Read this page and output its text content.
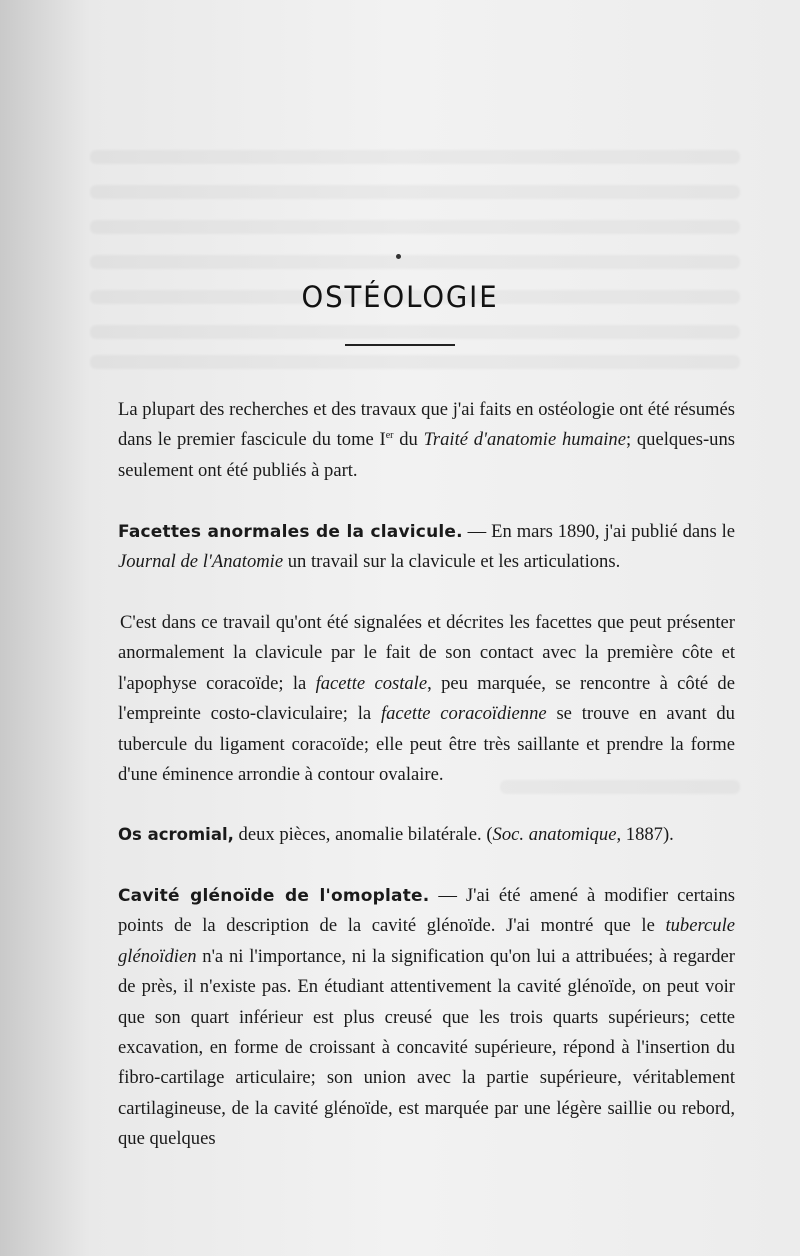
OSTÉOLOGIE

La plupart des recherches et des travaux que j'ai faits en ostéologie ont été résumés dans le premier fascicule du tome Ier du Traité d'anatomie humaine; quelques-uns seulement ont été publiés à part.

Facettes anormales de la clavicule. — En mars 1890, j'ai publié dans le Journal de l'Anatomie un travail sur la clavicule et les articulations.

C'est dans ce travail qu'ont été signalées et décrites les facettes que peut présenter anormalement la clavicule par le fait de son contact avec la première côte et l'apophyse coracoïde; la facette costale, peu marquée, se rencontre à côté de l'empreinte costo-claviculaire; la facette coracoïdienne se trouve en avant du tubercule du ligament coracoïde; elle peut être très saillante et prendre la forme d'une éminence arrondie à contour ovalaire.

Os acromial, deux pièces, anomalie bilatérale. (Soc. anatomique, 1887).

Cavité glénoïde de l'omoplate. — J'ai été amené à modifier certains points de la description de la cavité glénoïde. J'ai montré que le tubercule glénoïdien n'a ni l'importance, ni la signification qu'on lui a attribuées; à regarder de près, il n'existe pas. En étudiant attentivement la cavité glénoïde, on peut voir que son quart inférieur est plus creusé que les trois quarts supérieurs; cette excavation, en forme de croissant à concavité supérieure, répond à l'insertion du fibro-cartilage articulaire; son union avec la partie supérieure, véritablement cartilagineuse, de la cavité glénoïde, est marquée par une légère saillie ou rebord, que quelques
